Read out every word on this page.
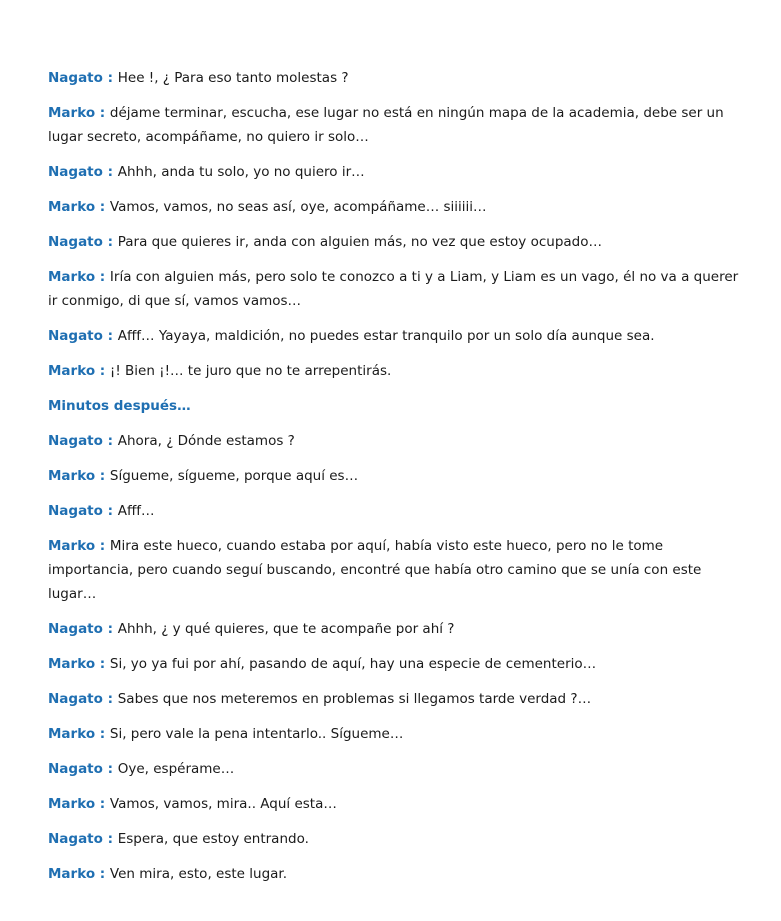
Nagato : Hee !, ¿ Para eso tanto molestas ?
Marko : déjame terminar, escucha, ese lugar no está en ningún mapa de la academia, debe ser un lugar secreto, acompáñame, no quiero ir solo…
Nagato : Ahhh, anda tu solo, yo no quiero ir…
Marko : Vamos, vamos, no seas así, oye, acompáñame… siiiiii…
Nagato : Para que quieres ir, anda con alguien más, no vez que estoy ocupado…
Marko : Iría con alguien más, pero solo te conozco a ti y a Liam, y Liam es un vago, él no va a querer ir conmigo, di que sí, vamos vamos…
Nagato : Afff… Yayaya, maldición, no puedes estar tranquilo por un solo día aunque sea.
Marko : ¡! Bien ¡!… te juro que no te arrepentirás.
Minutos después…
Nagato : Ahora, ¿ Dónde estamos ?
Marko : Sígueme, sígueme, porque aquí es…
Nagato : Afff…
Marko : Mira este hueco, cuando estaba por aquí, había visto este hueco, pero no le tome importancia, pero cuando seguí buscando, encontré que había otro camino que se unía con este lugar…
Nagato : Ahhh, ¿ y qué quieres, que te acompañe por ahí ?
Marko : Si, yo ya fui por ahí, pasando de aquí, hay una especie de cementerio…
Nagato : Sabes que nos meteremos en problemas si llegamos tarde verdad ?…
Marko : Si, pero vale la pena intentarlo.. Sígueme…
Nagato : Oye, espérame…
Marko : Vamos, vamos, mira.. Aquí esta…
Nagato : Espera, que estoy entrando.
Marko : Ven mira, esto, este lugar.
